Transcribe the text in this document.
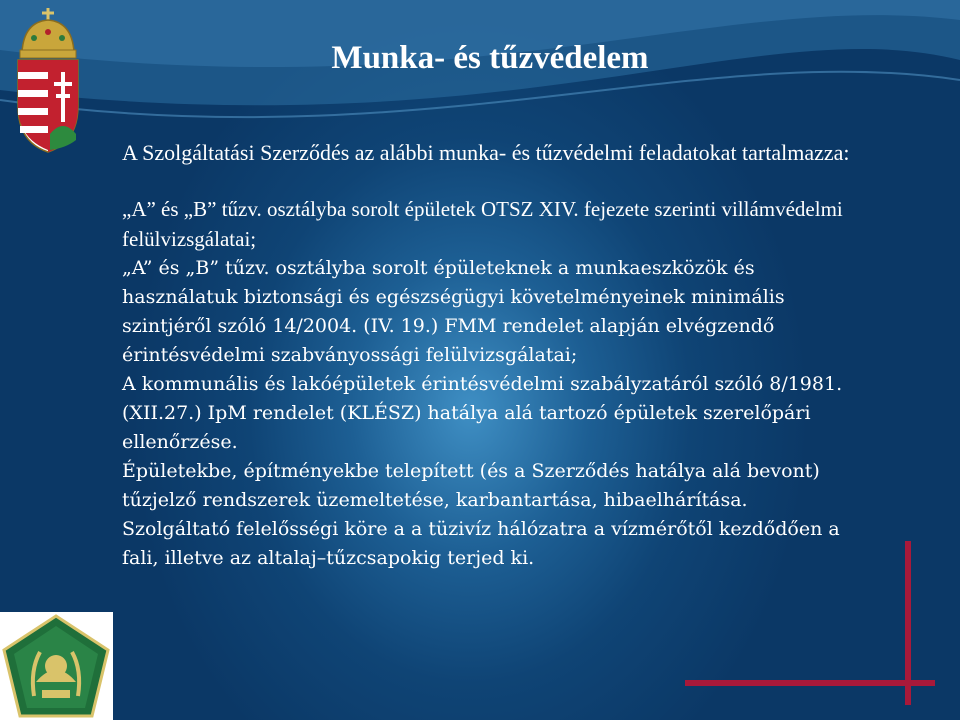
Munka- és tűzvédelem

A Szolgáltatási Szerződés az alábbi munka- és tűzvédelmi feladatokat tartalmazza:

„A” és „B” tűzv. osztályba sorolt épületek OTSZ XIV. fejezete szerinti villámvédelmi felülvizsgálatai;
„A” és „B” tűzv. osztályba sorolt épületeknek a munkaeszközök és használatuk biztonsági és egészségügyi követelményeinek minimális szintjéről szóló 14/2004. (IV. 19.) FMM rendelet alapján elvégzendő érintésvédelmi szabványossági felülvizsgálatai;
A kommunális és lakóépületek érintésvédelmi szabályzatáról szóló 8/1981. (XII.27.) IpM rendelet (KLÉSZ) hatálya alá tartozó épületek szerelőpári ellenőrzése.
Épületekbe, építményekbe telepített (és a Szerződés hatálya alá bevont) tűzjelző rendszerek üzemeltetése, karbantartása, hibaelhárítása.
Szolgáltató felelősségi köre a a tüzivíz hálózatra a vízmérőtől kezdődően a fali, illetve az altalaj–tűzcsapokig terjed ki.
